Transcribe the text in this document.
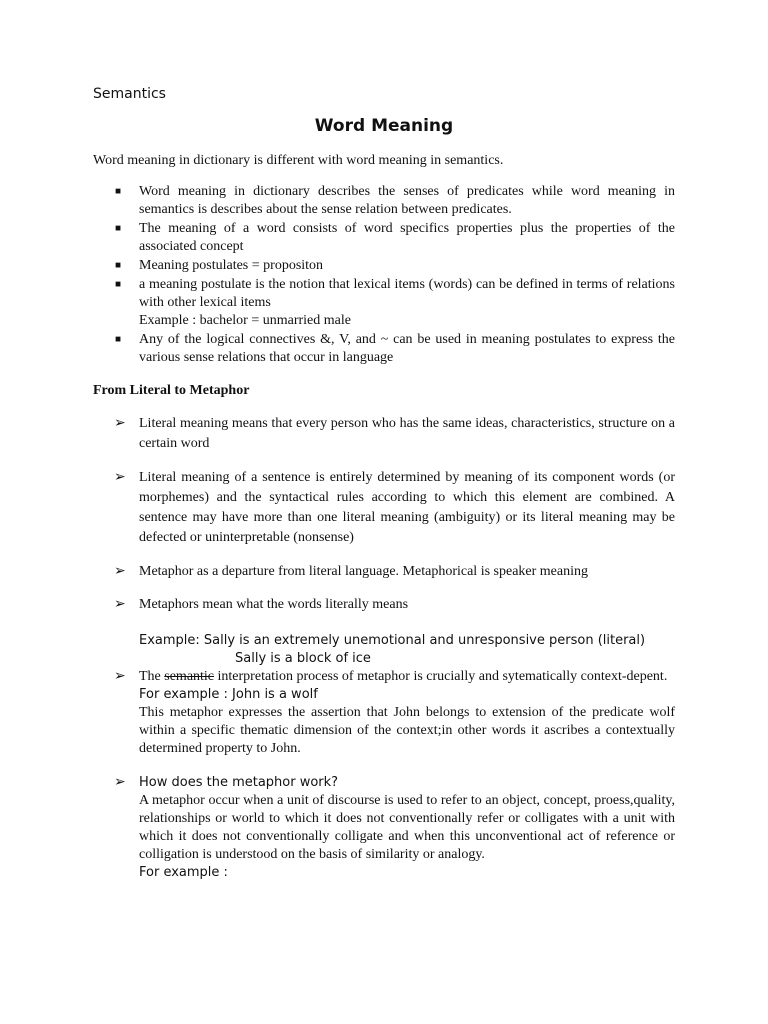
Semantics
Word Meaning
Word meaning in dictionary is different with word meaning in semantics.
■ Word meaning in dictionary describes the senses of predicates while word meaning in semantics is describes about the sense relation between predicates.
■ The meaning of a word consists of word specifics properties plus the properties of the associated concept
■ Meaning postulates = propositon
■ a meaning postulate is the notion that lexical items (words) can be defined in terms of relations with other lexical items
Example : bachelor = unmarried male
■ Any of the logical connectives &, V, and ~ can be used in meaning postulates to express the various sense relations that occur in language
From Literal to Metaphor
➢ Literal meaning means that every person who has the same ideas, characteristics, structure on a certain word
➢ Literal meaning of a sentence is entirely determined by meaning of its component words (or morphemes) and the syntactical rules according to which this element are combined. A sentence may have more than one literal meaning (ambiguity) or its literal meaning may be defected or uninterpretable (nonsense)
➢ Metaphor as a departure from literal language. Metaphorical is speaker meaning
➢ Metaphors mean what the words literally means
Example: Sally is an extremely unemotional and unresponsive person (literal)
Sally is a block of ice
➢ The semantic interpretation process of metaphor is crucially and sytematically context-depent.
For example : John is a wolf
This metaphor expresses the assertion that John belongs to extension of the predicate wolf within a specific thematic dimension of the context;in other words it ascribes a contextually determined property to John.
➢ How does the metaphor work?
A metaphor occur when a unit of discourse is used to refer to an object, concept, proess,quality, relationships or world to which it does not conventionally refer or colligates with a unit with which it does not conventionally colligate and when this unconventional act of reference or colligation is understood on the basis of similarity or analogy.
For example :
